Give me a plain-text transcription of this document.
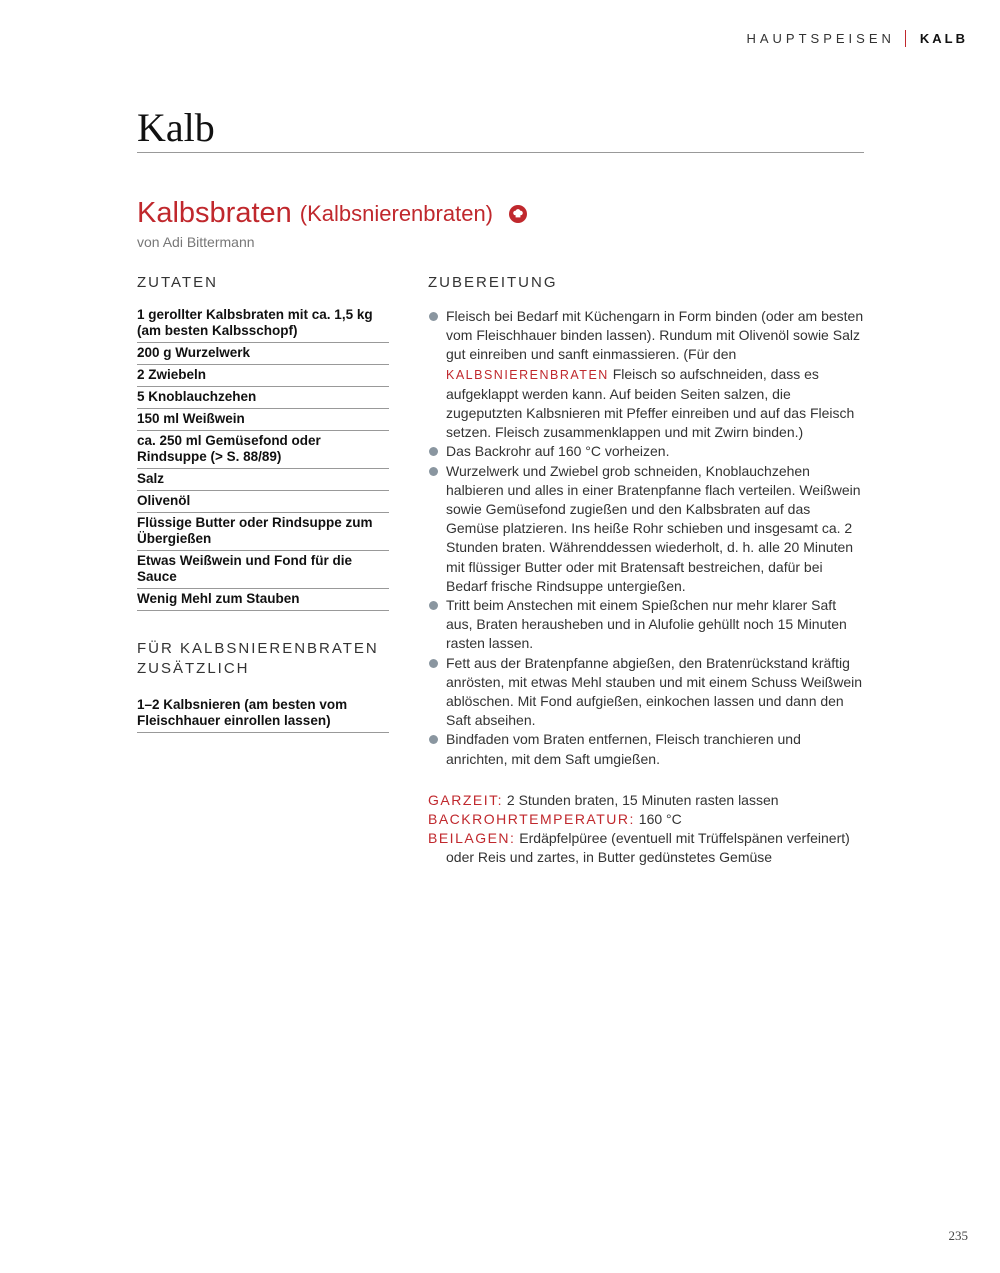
HAUPTSPEISEN KALB
Kalb
Kalbsbraten (Kalbsnierenbraten)
von Adi Bittermann
ZUTATEN
1 gerollter Kalbsbraten mit ca. 1,5 kg (am besten Kalbsschopf)
200 g Wurzelwerk
2 Zwiebeln
5 Knoblauchzehen
150 ml Weißwein
ca. 250 ml Gemüsefond oder Rindsuppe (> S. 88/89)
Salz
Olivenöl
Flüssige Butter oder Rindsuppe zum Übergießen
Etwas Weißwein und Fond für die Sauce
Wenig Mehl zum Stauben
FÜR KALBSNIERENBRATEN ZUSÄTZLICH
1–2 Kalbsnieren (am besten vom Fleischhauer einrollen lassen)
ZUBEREITUNG
Fleisch bei Bedarf mit Küchengarn in Form binden (oder am besten vom Fleischhauer binden lassen). Rundum mit Olivenöl sowie Salz gut einreiben und sanft einmassieren. (Für den KALBSNIERENBRATEN Fleisch so aufschneiden, dass es aufgeklappt werden kann. Auf beiden Seiten salzen, die zugeputzten Kalbsnieren mit Pfeffer einreiben und auf das Fleisch setzen. Fleisch zusammenklappen und mit Zwirn binden.)
Das Backrohr auf 160 °C vorheizen.
Wurzelwerk und Zwiebel grob schneiden, Knoblauchzehen halbieren und alles in einer Bratenpfanne flach verteilen. Weißwein sowie Gemüsefond zugießen und den Kalbsbraten auf das Gemüse platzieren. Ins heiße Rohr schieben und insgesamt ca. 2 Stunden braten. Währenddessen wiederholt, d. h. alle 20 Minuten mit flüssiger Butter oder mit Bratensaft bestreichen, dafür bei Bedarf frische Rindsuppe untergießen.
Tritt beim Anstechen mit einem Spießchen nur mehr klarer Saft aus, Braten herausheben und in Alufolie gehüllt noch 15 Minuten rasten lassen.
Fett aus der Bratenpfanne abgießen, den Bratenrückstand kräftig anrösten, mit etwas Mehl stauben und mit einem Schuss Weißwein ablöschen. Mit Fond aufgießen, einkochen lassen und dann den Saft abseihen.
Bindfaden vom Braten entfernen, Fleisch tranchieren und anrichten, mit dem Saft umgießen.
GARZEIT: 2 Stunden braten, 15 Minuten rasten lassen
BACKROHRTEMPERATUR: 160 °C
BEILAGEN: Erdäpfelpüree (eventuell mit Trüffelspänen verfeinert)
oder Reis und zartes, in Butter gedünstetes Gemüse
235
